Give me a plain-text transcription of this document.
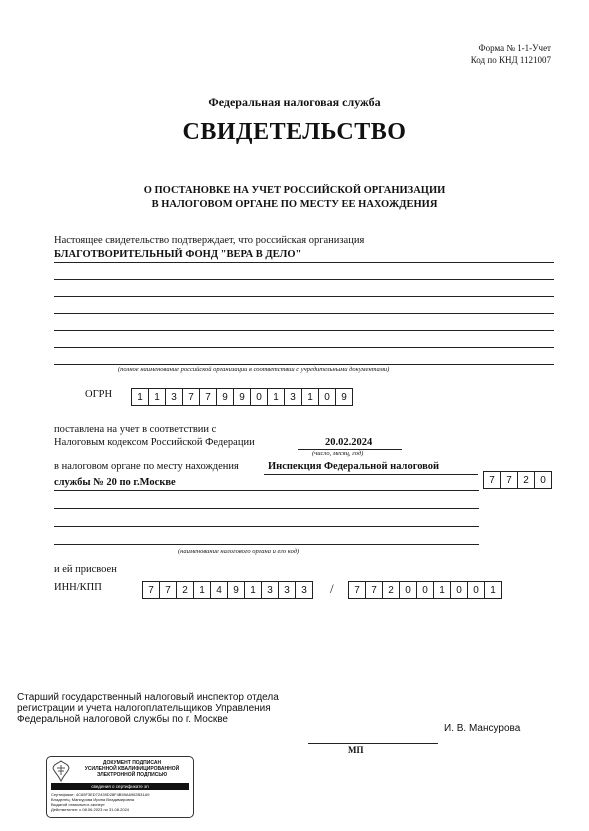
Форма № 1-1-Учет
Код по КНД 1121007
Федеральная налоговая служба
СВИДЕТЕЛЬСТВО
О ПОСТАНОВКЕ НА УЧЕТ РОССИЙСКОЙ ОРГАНИЗАЦИИ
В НАЛОГОВОМ ОРГАНЕ ПО МЕСТУ ЕЕ НАХОЖДЕНИЯ
Настоящее свидетельство подтверждает, что российская организация
БЛАГОТВОРИТЕЛЬНЫЙ ФОНД "ВЕРА В ДЕЛО"
(полное наименование российской организации в соответствии с учредительными документами)
ОГРН	1	1	3	7	7	9	9	0	1	3	1	0	9
поставлена на учет в соответствии с
Налоговым кодексом Российской Федерации	20.02.2024
(число, месяц, год)
в налоговом органе по месту нахождения	Инспекция Федеральной налоговой
службы № 20 по г.Москве	7	7	2	0
(наименование налогового органа и его код)
и ей присвоен
ИНН/КПП	7	7	2	1	4	9	1	3	3	3	/	7	7	2	0	0	1	0	0	1
Старший государственный налоговый инспектор отдела
регистрации и учета налогоплательщиков Управления
Федеральной налоговой службы по г. Москве
И. В. Мансурова
МП
ДОКУМЕНТ ПОДПИСАН
УСИЛЕННОЙ КВАЛИФИЦИРОВАННОЙ
ЭЛЕКТРОННОЙ ПОДПИСЬЮ
сведения о сертификате эп
Сертификат: 4C65F3ED72439D28F4B59A6902B31A9
Владелец: Мансурова Ирина Владимировна
Выдатой отавольнот-эксперт
Действителен: с 08.06.2023 по 31.08.2024
